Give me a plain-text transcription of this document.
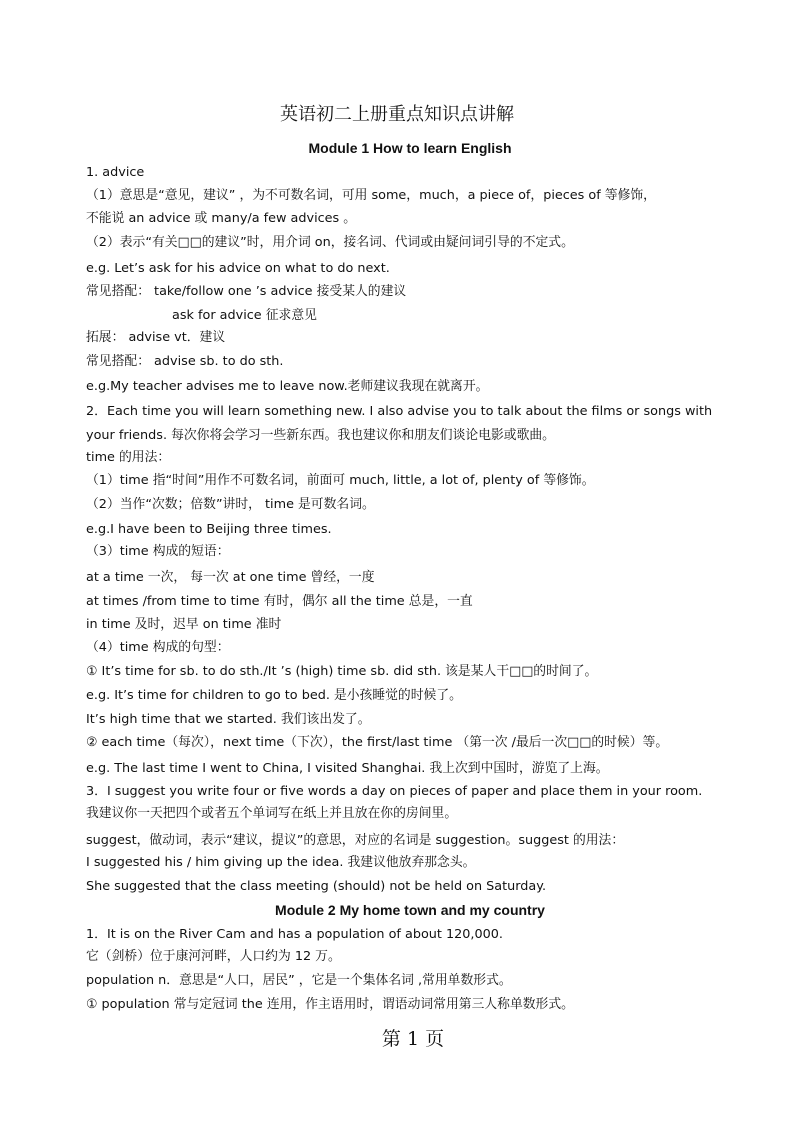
英语初二上册重点知识点讲解
Module 1 How to learn English
1. advice
（1）意思是“意见，建议” ，为不可数名词，可用 some，much，a piece of，pieces of 等修饰，
不能说 an advice 或 many/a few advices 。
（2）表示“有关□□的建议”时，用介词 on，接名词、代词或由疑问词引导的不定式。
e.g. Let’s ask for his advice on what to do next.
常见搭配： take/follow one ’s advice 接受某人的建议
ask for advice 征求意见
拓展： advise vt．建议
常见搭配： advise sb. to do sth.
e.g.My teacher advises me to leave now.老师建议我现在就离开。
2．Each time you will learn something new. I also advise you to talk about the films or songs with
your friends. 每次你将会学习一些新东西。我也建议你和朋友们谈论电影或歌曲。
time 的用法：
（1）time 指“时间”用作不可数名词，前面可 much, little, a lot of, plenty of 等修饰。
（2）当作“次数；倍数”讲时， time 是可数名词。
e.g.I have been to Beijing three times.
（3）time 构成的短语：
at a time 一次， 每一次 at one time 曾经，一度
at times /from time to time 有时，偶尔 all the time 总是，一直
in time 及时，迟早 on time 准时
（4）time 构成的句型：
① It’s time for sb. to do sth./It ’s (high) time sb. did sth. 该是某人干□□的时间了。
e.g. It’s time for children to go to bed. 是小孩睡觉的时候了。
It’s high time that we started. 我们该出发了。
② each time（每次），next time（下次），the first/last time （第一次 /最后一次□□的时候）等。
e.g. The last time I went to China, I visited Shanghai. 我上次到中国时，游览了上海。
3．I suggest you write four or five words a day on pieces of paper and place them in your room.
我建议你一天把四个或者五个单词写在纸上并且放在你的房间里。
suggest，做动词，表示“建议，提议”的意思，对应的名词是 suggestion。suggest 的用法：
I suggested his / him giving up the idea. 我建议他放弃那念头。
She suggested that the class meeting (should) not be held on Saturday.
Module 2 My home town and my country
1．It is on the River Cam and has a population of about 120,000.
它（剑桥）位于康河河畔，人口约为 12 万。
population n．意思是“人口，居民” ，它是一个集体名词 ,常用单数形式。
① population 常与定冠词 the 连用，作主语用时，谓语动词常用第三人称单数形式。
第 1 页
